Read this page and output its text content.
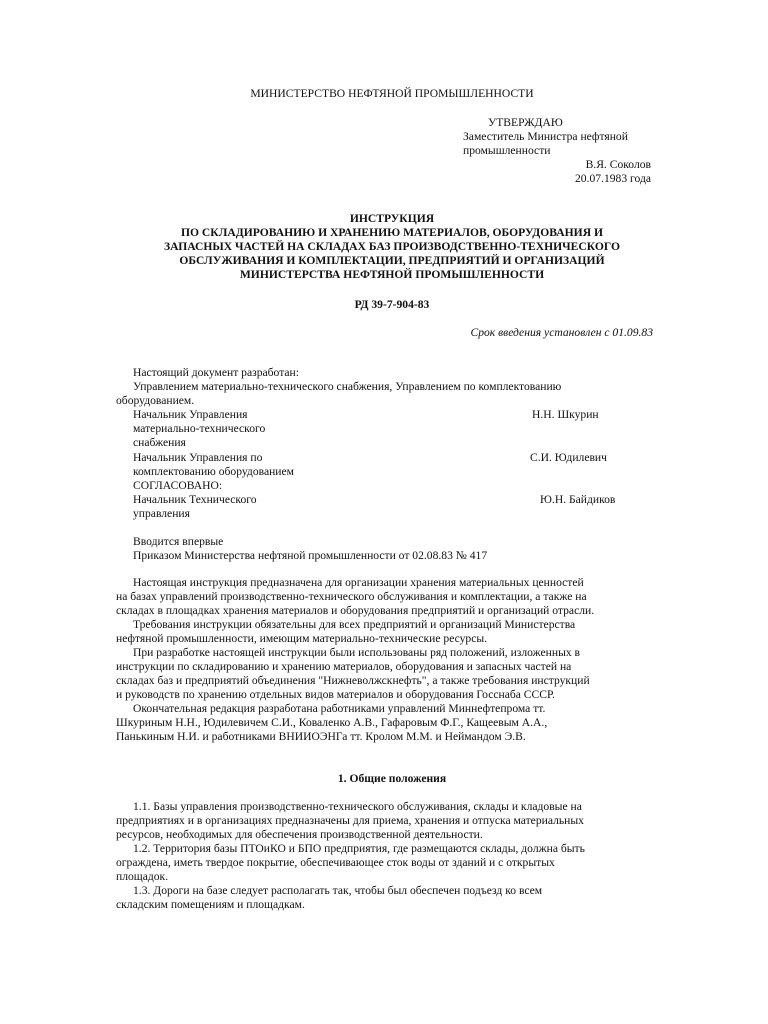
МИНИСТЕРСТВО НЕФТЯНОЙ ПРОМЫШЛЕННОСТИ
УТВЕРЖДАЮ
Заместитель Министра нефтяной
промышленности
В.Я. Соколов
20.07.1983 года
ИНСТРУКЦИЯ
ПО СКЛАДИРОВАНИЮ И ХРАНЕНИЮ МАТЕРИАЛОВ, ОБОРУДОВАНИЯ И
ЗАПАСНЫХ ЧАСТЕЙ НА СКЛАДАХ БАЗ ПРОИЗВОДСТВЕННО-ТЕХНИЧЕСКОГО
ОБСЛУЖИВАНИЯ И КОМПЛЕКТАЦИИ, ПРЕДПРИЯТИЙ И ОРГАНИЗАЦИЙ
МИНИСТЕРСТВА НЕФТЯНОЙ ПРОМЫШЛЕННОСТИ
РД 39-7-904-83
Срок введения установлен с 01.09.83
Настоящий документ разработан:
Управлением материально-технического снабжения, Управлением по комплектованию
оборудованием.
Начальник Управления
материально-технического
снабжения
Н.Н. Шкурин
Начальник Управления по
комплектованию оборудованием
С.И. Юдилевич
СОГЛАСОВАНО:
Начальник Технического
управления
Ю.Н. Байдиков
Вводится впервые
Приказом Министерства нефтяной промышленности от 02.08.83 № 417
Настоящая инструкция предназначена для организации хранения материальных ценностей
на базах управлений производственно-технического обслуживания и комплектации, а также на
складах в площадках хранения материалов и оборудования предприятий и организаций отрасли.
Требования инструкции обязательны для всех предприятий и организаций Министерства
нефтяной промышленности, имеющим материально-технические ресурсы.
При разработке настоящей инструкции были использованы ряд положений, изложенных в
инструкции по складированию и хранению материалов, оборудования и запасных частей на
складах баз и предприятий объединения "Нижневолжскнефть", а также требования инструкций
и руководств по хранению отдельных видов материалов и оборудования Госснаба СССР.
Окончательная редакция разработана работниками управлений Миннефтепрома тт.
Шкуриным Н.Н., Юдилевичем С.И., Коваленко А.В., Гафаровым Ф.Г., Кащеевым А.А.,
Панькиным Н.И. и работниками ВНИИОЭНГа тт. Кролом М.М. и Неймандом Э.В.
1. Общие положения
1.1. Базы управления производственно-технического обслуживания, склады и кладовые на
предприятиях и в организациях предназначены для приема, хранения и отпуска материальных
ресурсов, необходимых для обеспечения производственной деятельности.
1.2. Территория базы ПТОиКО и БПО предприятия, где размещаются склады, должна быть
ограждена, иметь твердое покрытие, обеспечивающее сток воды от зданий и с открытых
площадок.
1.3. Дороги на базе следует располагать так, чтобы был обеспечен подъезд ко всем
складским помещениям и площадкам.
